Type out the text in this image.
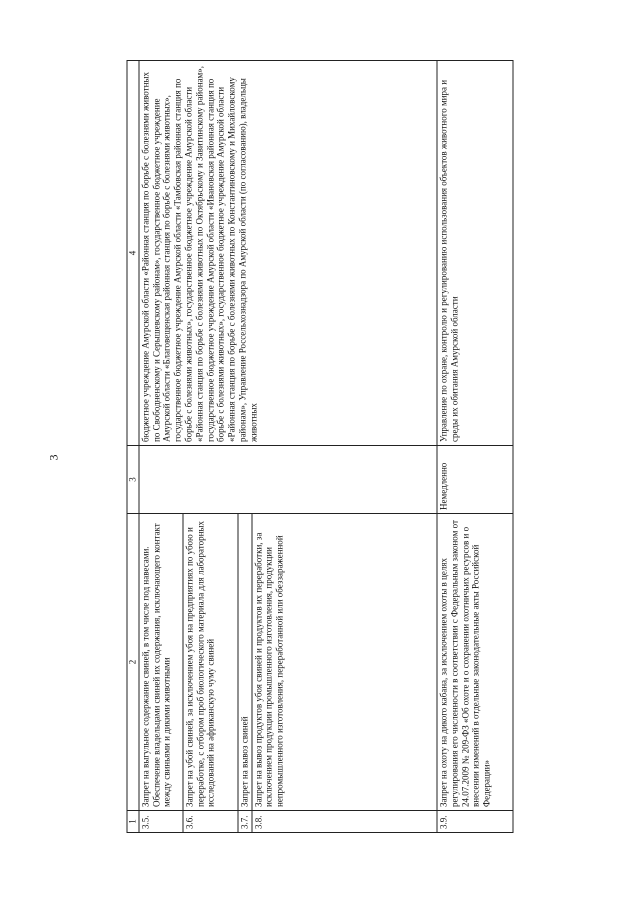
3
1	2	3	4
3.5.	Запрет на выгульное содержание свиней, в том числе под навесами. Обеспечение владельцами свиней их содержания, исключающего контакт между свиньями и дикими животными		бюджетное учреждение Амурской области «Районная станция по борьбе с болезнями животных по Свободненскому и Серышевскому районам», государственное бюджетное учреждение Амурской области «Благовещенская районная станция по борьбе с болезнями животных», государственное бюджетное учреждение Амурской области «Тамбовская районная станция по борьбе с болезнями животных», государственное бюджетное учреждение Амурской области «Районная станция по борьбе с болезнями животных по Октябрьскому и Завитинскому районам», государственное бюджетное учреждение Амурской области «Ивановская районная станция по борьбе с болезнями животных», государственное бюджетное учреждение Амурской области «Районная станция по борьбе с болезнями животных по Константиновскому и Михайловскому районам», Управление Россельхознадзора по Амурской области (по согласованию), владельцы животных
3.6.	Запрет на убой свиней, за исключением убоя на предприятиях по убою и переработке, с отбором проб биологического материала для лабораторных исследований на африканскую чуму свиней		
3.7.	Запрет на вывоз свиней		
3.8.	Запрет на вывоз продуктов убоя свиней и продуктов их переработки, за исключением продукции промышленного изготовления, продукции непромышленного изготовления, переработанной или обеззараженной		
3.9.	Запрет на охоту на дикого кабана, за исключением охоты в целях регулирования его численности в соответствии с Федеральным законом от 24.07.2009 № 209-ФЗ «Об охоте и о сохранении охотничьих ресурсов и о внесении изменений в отдельные законодательные акты Российской Федерации»	Немедленно	Управление по охране, контролю и регулированию использования объектов животного мира и среды их обитания Амурской области
